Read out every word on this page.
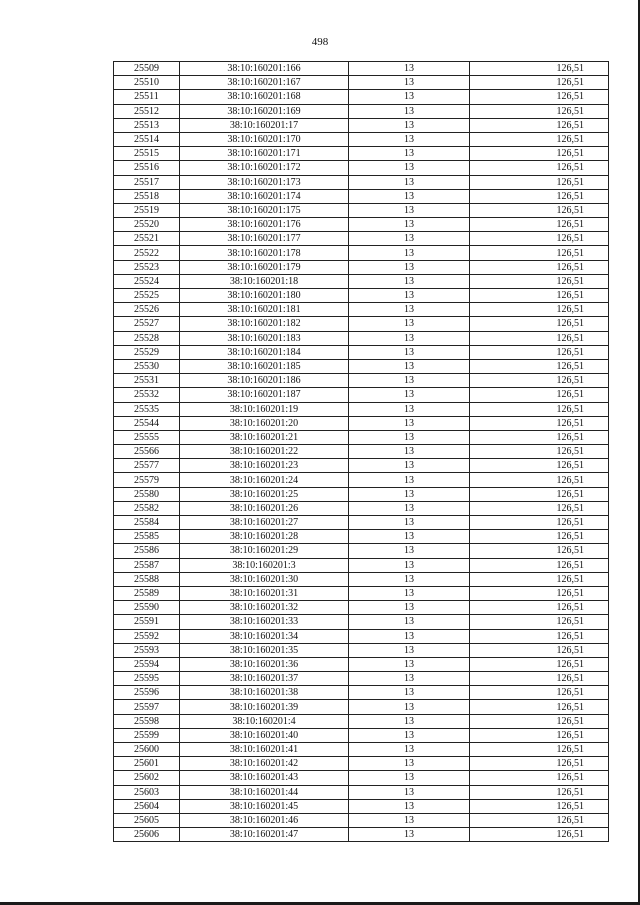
498
25509	38:10:160201:166	13	126,51
25510	38:10:160201:167	13	126,51
25511	38:10:160201:168	13	126,51
25512	38:10:160201:169	13	126,51
25513	38:10:160201:17	13	126,51
25514	38:10:160201:170	13	126,51
25515	38:10:160201:171	13	126,51
25516	38:10:160201:172	13	126,51
25517	38:10:160201:173	13	126,51
25518	38:10:160201:174	13	126,51
25519	38:10:160201:175	13	126,51
25520	38:10:160201:176	13	126,51
25521	38:10:160201:177	13	126,51
25522	38:10:160201:178	13	126,51
25523	38:10:160201:179	13	126,51
25524	38:10:160201:18	13	126,51
25525	38:10:160201:180	13	126,51
25526	38:10:160201:181	13	126,51
25527	38:10:160201:182	13	126,51
25528	38:10:160201:183	13	126,51
25529	38:10:160201:184	13	126,51
25530	38:10:160201:185	13	126,51
25531	38:10:160201:186	13	126,51
25532	38:10:160201:187	13	126,51
25535	38:10:160201:19	13	126,51
25544	38:10:160201:20	13	126,51
25555	38:10:160201:21	13	126,51
25566	38:10:160201:22	13	126,51
25577	38:10:160201:23	13	126,51
25579	38:10:160201:24	13	126,51
25580	38:10:160201:25	13	126,51
25582	38:10:160201:26	13	126,51
25584	38:10:160201:27	13	126,51
25585	38:10:160201:28	13	126,51
25586	38:10:160201:29	13	126,51
25587	38:10:160201:3	13	126,51
25588	38:10:160201:30	13	126,51
25589	38:10:160201:31	13	126,51
25590	38:10:160201:32	13	126,51
25591	38:10:160201:33	13	126,51
25592	38:10:160201:34	13	126,51
25593	38:10:160201:35	13	126,51
25594	38:10:160201:36	13	126,51
25595	38:10:160201:37	13	126,51
25596	38:10:160201:38	13	126,51
25597	38:10:160201:39	13	126,51
25598	38:10:160201:4	13	126,51
25599	38:10:160201:40	13	126,51
25600	38:10:160201:41	13	126,51
25601	38:10:160201:42	13	126,51
25602	38:10:160201:43	13	126,51
25603	38:10:160201:44	13	126,51
25604	38:10:160201:45	13	126,51
25605	38:10:160201:46	13	126,51
25606	38:10:160201:47	13	126,51
